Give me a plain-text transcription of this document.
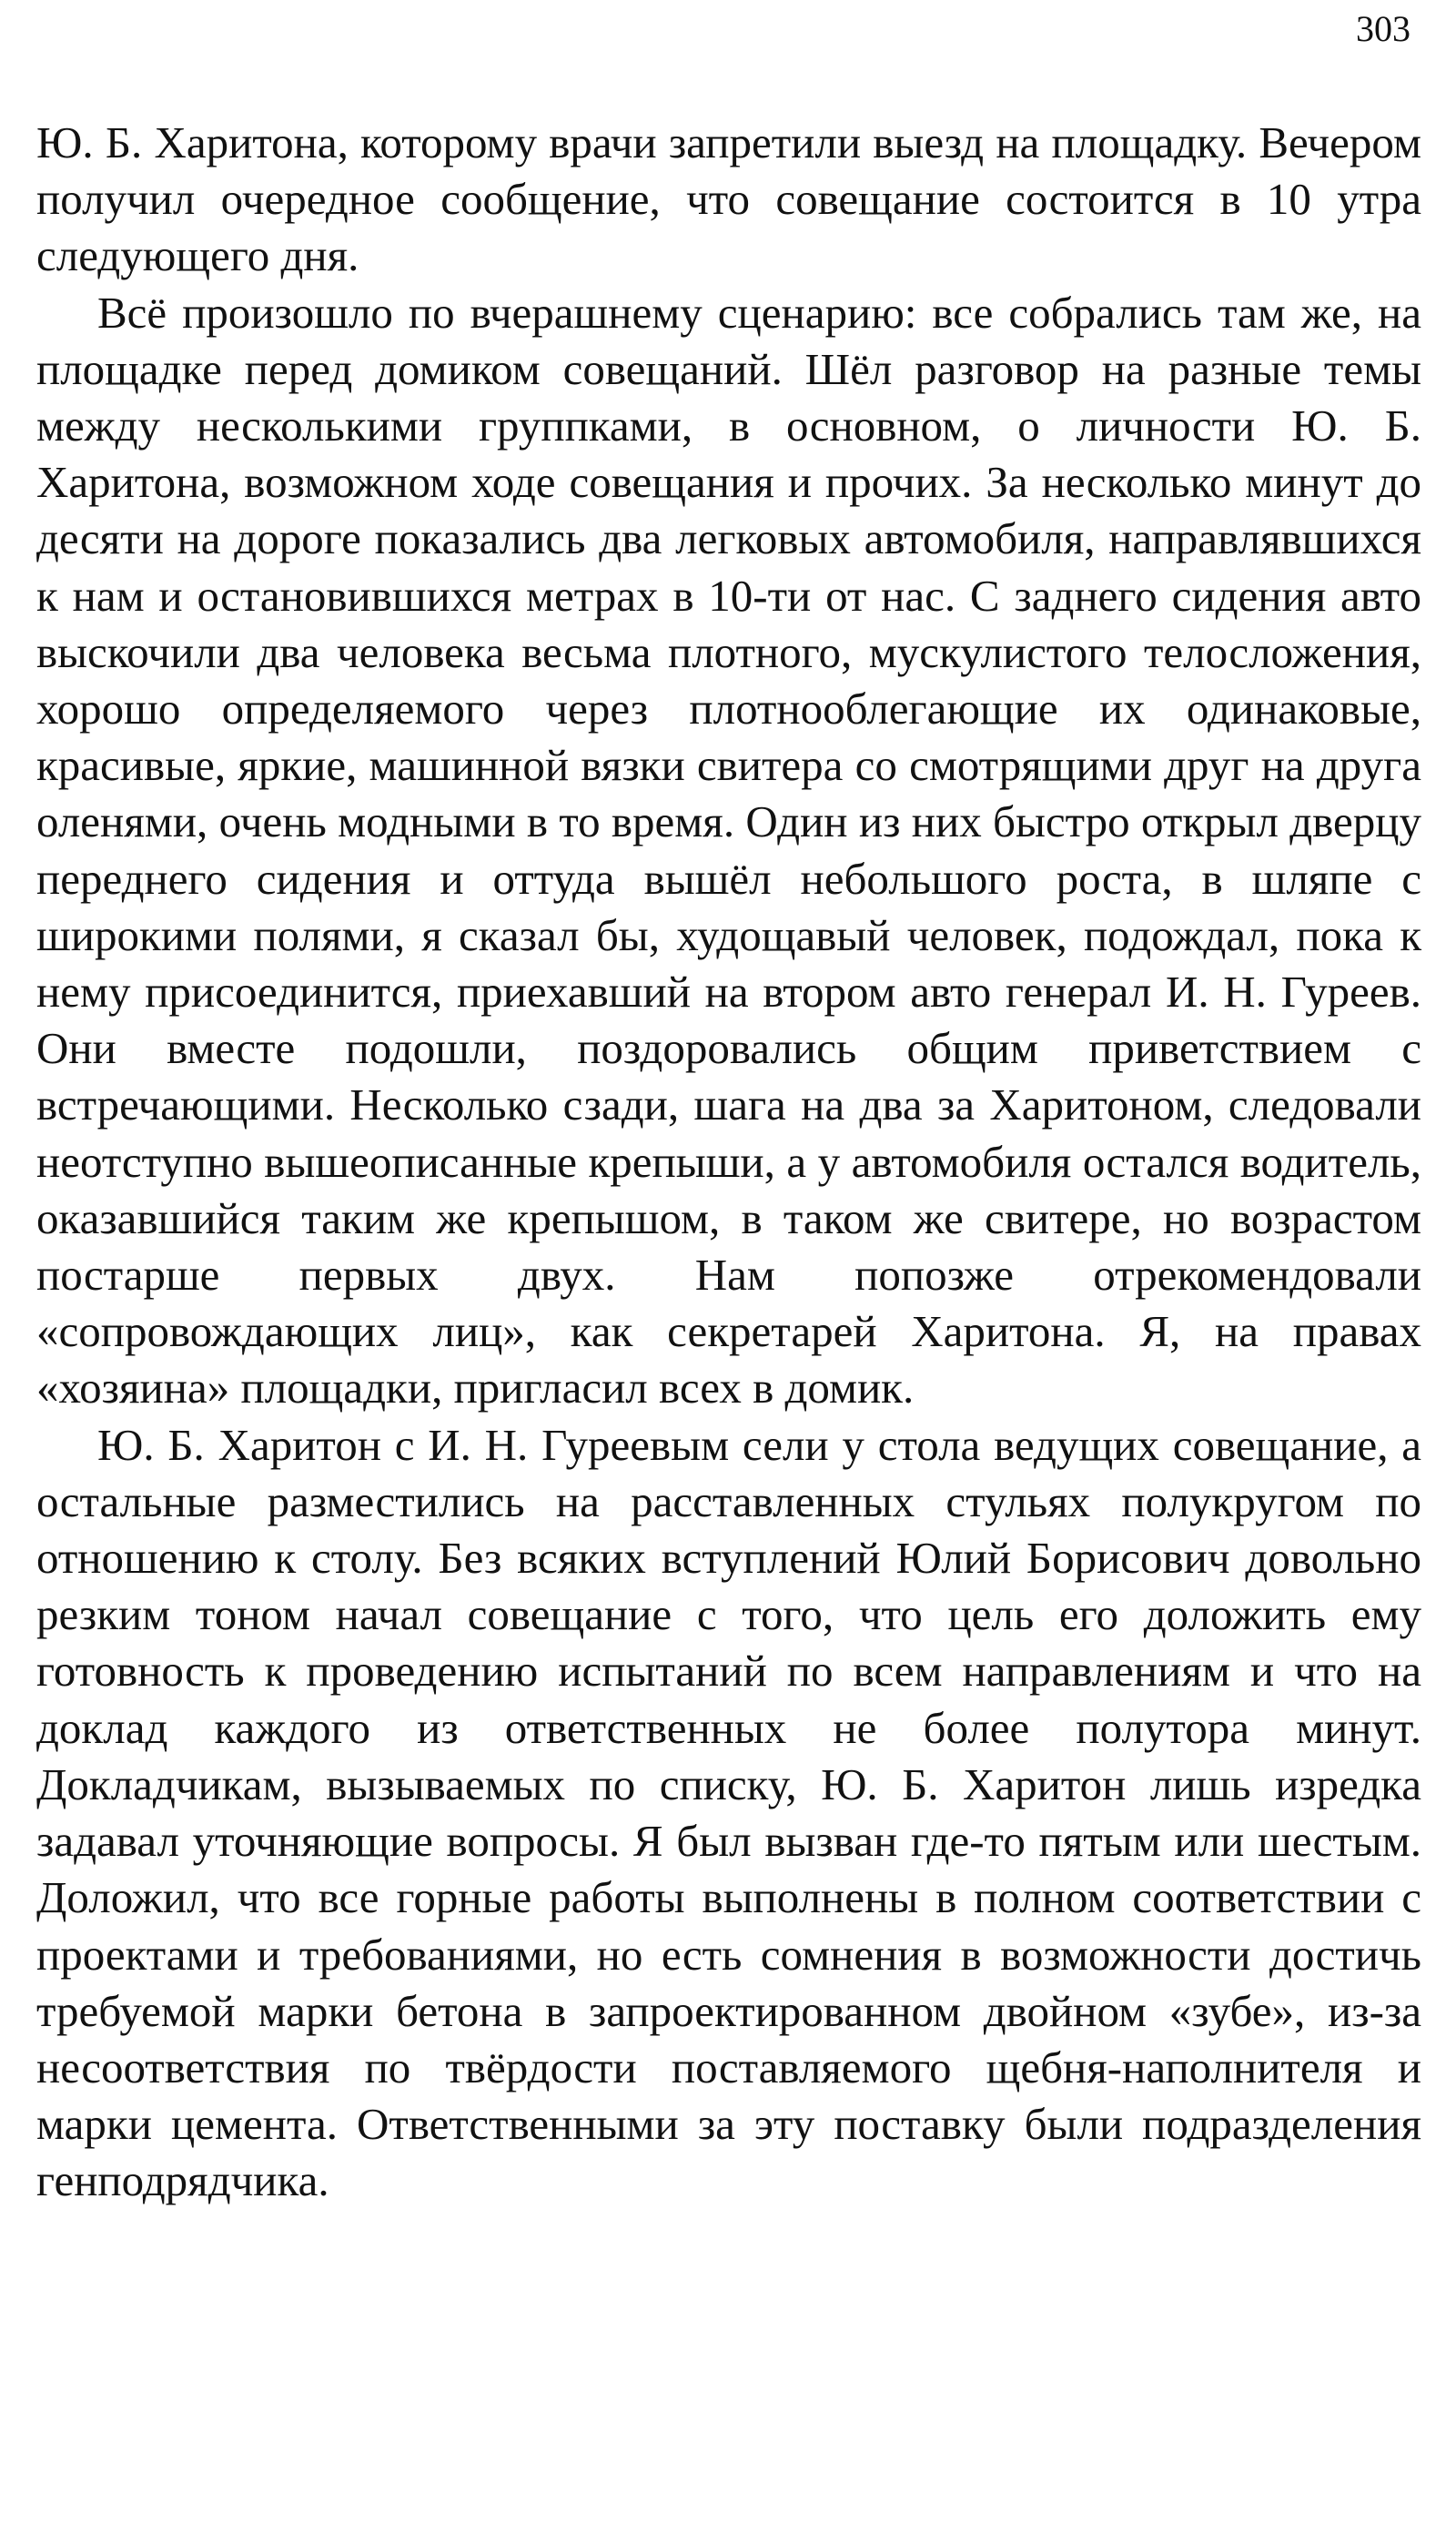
303

Ю. Б. Харитона, которому врачи запретили выезд на площадку. Вечером получил очередное сообщение, что совещание состоится в 10 утра следующего дня.

Всё произошло по вчерашнему сценарию: все собрались там же, на площадке перед домиком совещаний. Шёл разговор на разные темы между несколькими группками, в основном, о личности Ю. Б. Харитона, возможном ходе совещания и прочих. За несколько минут до десяти на дороге показались два легковых автомобиля, направлявшихся к нам и остановившихся метрах в 10-ти от нас. С заднего сидения авто выскочили два человека весьма плотного, мускулистого телосложения, хорошо определяемого через плотнооблегающие их одинаковые, красивые, яркие, машинной вязки свитера со смотрящими друг на друга оленями, очень модными в то время. Один из них быстро открыл дверцу переднего сидения и оттуда вышёл небольшого роста, в шляпе с широкими полями, я сказал бы, худощавый человек, подождал, пока к нему присоединится, приехавший на втором авто генерал И. Н. Гуреев. Они вместе подошли, поздоровались общим приветствием с встречающими. Несколько сзади, шага на два за Харитоном, следовали неотступно вышеописанные крепыши, а у автомобиля остался водитель, оказавшийся таким же крепышом, в таком же свитере, но возрастом постарше первых двух. Нам попозже отрекомендовали «сопровождающих лиц», как секретарей Харитона. Я, на правах «хозяина» площадки, пригласил всех в домик.

Ю. Б. Харитон с И. Н. Гуреевым сели у стола ведущих совещание, а остальные разместились на расставленных стульях полукругом по отношению к столу. Без всяких вступлений Юлий Борисович довольно резким тоном начал совещание с того, что цель его доложить ему готовность к проведению испытаний по всем направлениям и что на доклад каждого из ответственных не более полутора минут. Докладчикам, вызываемых по списку, Ю. Б. Харитон лишь изредка задавал уточняющие вопросы. Я был вызван где-то пятым или шестым. Доложил, что все горные работы выполнены в полном соответствии с проектами и требованиями, но есть сомнения в возможности достичь требуемой марки бетона в запроектированном двойном «зубе», из-за несоответствия по твёрдости поставляемого щебня-наполнителя и марки цемента. Ответственными за эту поставку были подразделения генподрядчика.
